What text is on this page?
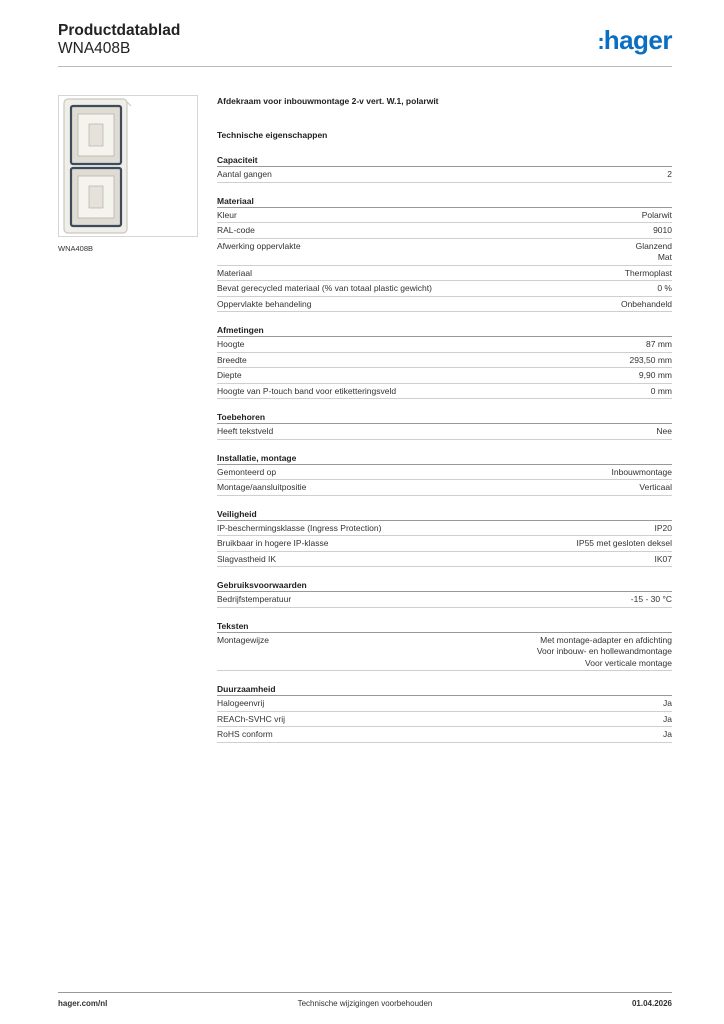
Productdatablad
WNA408B	:hager
WNA408B
Afdekraam voor inbouwmontage 2-v vert. W.1, polarwit
Technische eigenschappen
Capaciteit
Aantal gangen	2
Materiaal
Kleur	Polarwit
RAL-code	9010
Afwerking oppervlakte	Glanzend
Mat
Materiaal	Thermoplast
Bevat gerecycled materiaal (% van totaal plastic gewicht)	0 %
Oppervlakte behandeling	Onbehandeld
Afmetingen
Hoogte	87 mm
Breedte	293,50 mm
Diepte	9,90 mm
Hoogte van P-touch band voor etiketteringsveld	0 mm
Toebehoren
Heeft tekstveld	Nee
Installatie, montage
Gemonteerd op	Inbouwmontage
Montage/aansluitpositie	Verticaal
Veiligheid
IP-beschermingsklasse (Ingress Protection)	IP20
Bruikbaar in hogere IP-klasse	IP55 met gesloten deksel
Slagvastheid IK	IK07
Gebruiksvoorwaarden
Bedrijfstemperatuur	-15 - 30 °C
Teksten
Montagewijze	Met montage-adapter en afdichting
Voor inbouw- en hollewandmontage
Voor verticale montage
Duurzaamheid
Halogeenvrij	Ja
REACh-SVHC vrij	Ja
RoHS conform	Ja
Technische wijzigingen voorbehouden
hager.com/nl	01.04.2026
